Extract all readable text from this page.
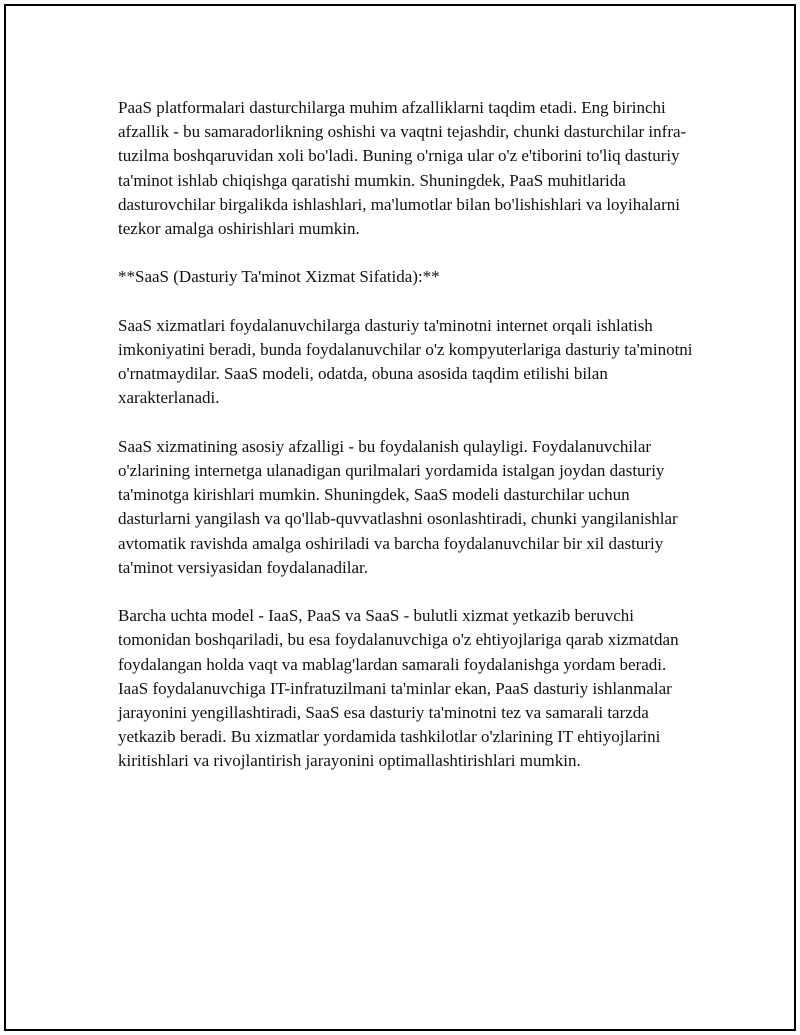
PaaS platformalari dasturchilarga muhim afzalliklarni taqdim etadi. Eng birinchi afzallik - bu samaradorlikning oshishi va vaqtni tejashdir, chunki dasturchilar infra-tuzilma boshqaruvidan xoli bo'ladi. Buning o'rniga ular o'z e'tiborini to'liq dasturiy ta'minot ishlab chiqishga qaratishi mumkin. Shuningdek, PaaS muhitlarida dasturovchilar birgalikda ishlashlari, ma'lumotlar bilan bo'lishishlari va loyihalarni tezkor amalga oshirishlari mumkin.

**SaaS (Dasturiy Ta'minot Xizmat Sifatida):**

SaaS xizmatlari foydalanuvchilarga dasturiy ta'minotni internet orqali ishlatish imkoniyatini beradi, bunda foydalanuvchilar o'z kompyuterlariga dasturiy ta'minotni o'rnatmaydilar. SaaS modeli, odatda, obuna asosida taqdim etilishi bilan xarakterlanadi.

SaaS xizmatining asosiy afzalligi - bu foydalanish qulayligi. Foydalanuvchilar o'zlarining internetga ulanadigan qurilmalari yordamida istalgan joydan dasturiy ta'minotga kirishlari mumkin. Shuningdek, SaaS modeli dasturchilar uchun dasturlarni yangilash va qo'llab-quvvatlashni osonlashtiradi, chunki yangilanishlar avtomatik ravishda amalga oshiriladi va barcha foydalanuvchilar bir xil dasturiy ta'minot versiyasidan foydalanadilar.

Barcha uchta model - IaaS, PaaS va SaaS - bulutli xizmat yetkazib beruvchi tomonidan boshqariladi, bu esa foydalanuvchiga o'z ehtiyojlariga qarab xizmatdan foydalangan holda vaqt va mablag'lardan samarali foydalanishga yordam beradi. IaaS foydalanuvchiga IT-infratuzilmani ta'minlar ekan, PaaS dasturiy ishlanmalar jarayonini yengillashtiradi, SaaS esa dasturiy ta'minotni tez va samarali tarzda yetkazib beradi. Bu xizmatlar yordamida tashkilotlar o'zlarining IT ehtiyojlarini kiritishlari va rivojlantirish jarayonini optimallashtirishlari mumkin.
